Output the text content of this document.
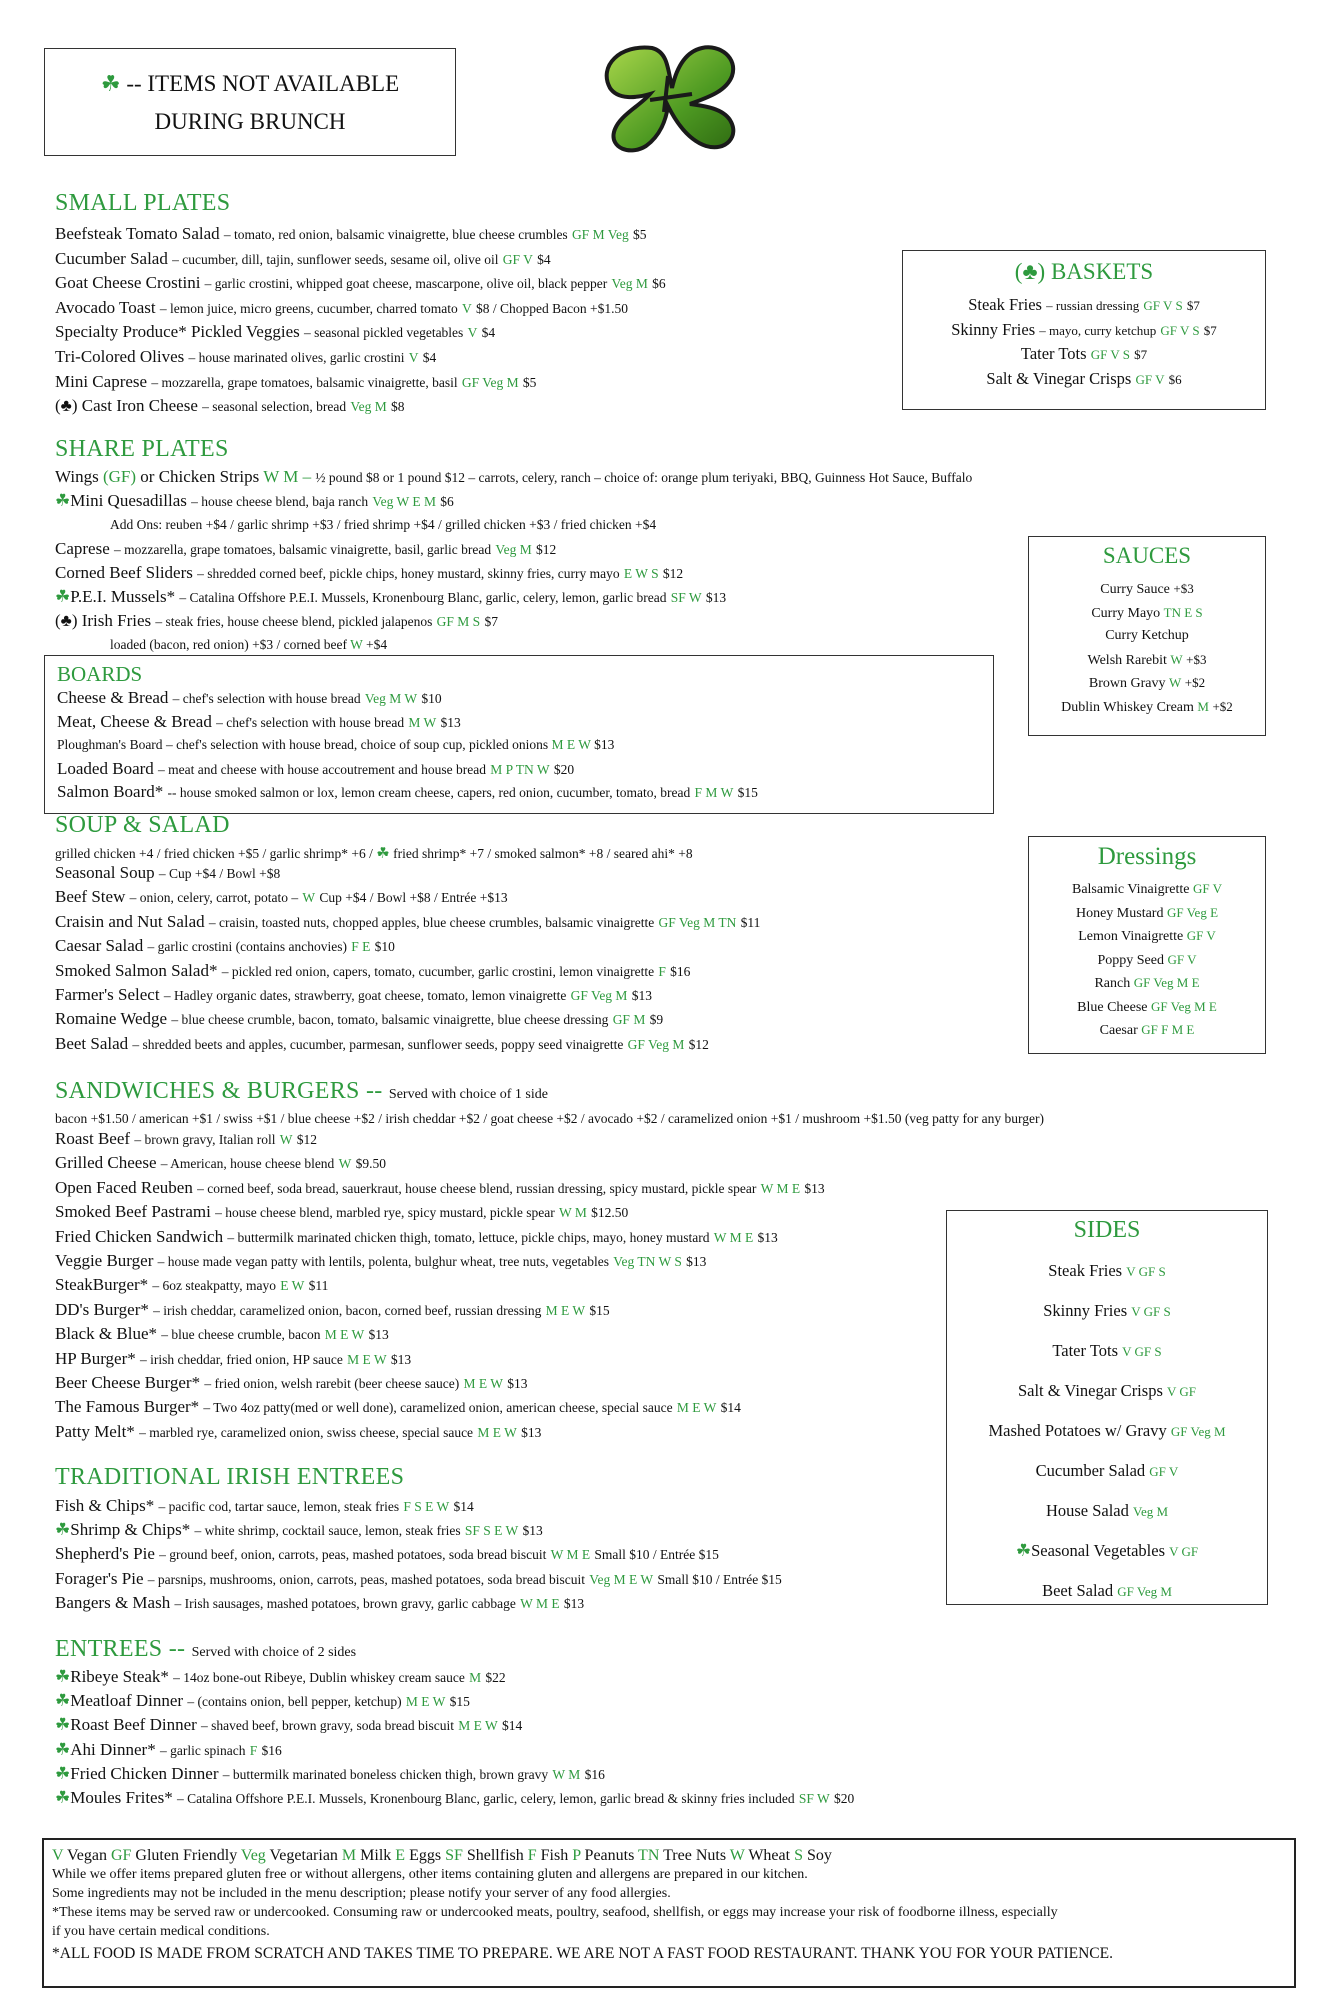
☘ -- ITEMS NOT AVAILABLE
DURING BRUNCH
SMALL PLATES
Beefsteak Tomato Salad – tomato, red onion, balsamic vinaigrette, blue cheese crumbles GF M Veg $5
Cucumber Salad – cucumber, dill, tajin, sunflower seeds, sesame oil, olive oil GF V $4
Goat Cheese Crostini – garlic crostini, whipped goat cheese, mascarpone, olive oil, black pepper Veg M $6
Avocado Toast – lemon juice, micro greens, cucumber, charred tomato V $8 / Chopped Bacon +$1.50
Specialty Produce* Pickled Veggies – seasonal pickled vegetables V $4
Tri-Colored Olives – house marinated olives, garlic crostini V $4
Mini Caprese – mozzarella, grape tomatoes, balsamic vinaigrette, basil GF Veg M $5
(♣) Cast Iron Cheese – seasonal selection, bread Veg M $8
(♣) BASKETS
Steak Fries – russian dressing GF V S $7
Skinny Fries – mayo, curry ketchup GF V S $7
Tater Tots GF V S $7
Salt & Vinegar Crisps GF V $6
SHARE PLATES
Wings (GF) or Chicken Strips W M – ½ pound $8 or 1 pound $12 – carrots, celery, ranch – choice of: orange plum teriyaki, BBQ, Guinness Hot Sauce, Buffalo
☘Mini Quesadillas – house cheese blend, baja ranch Veg W E M $6
Add Ons: reuben +$4 / garlic shrimp +$3 / fried shrimp +$4 / grilled chicken +$3 / fried chicken +$4
Caprese – mozzarella, grape tomatoes, balsamic vinaigrette, basil, garlic bread Veg M $12
Corned Beef Sliders – shredded corned beef, pickle chips, honey mustard, skinny fries, curry mayo E W S $12
☘P.E.I. Mussels* – Catalina Offshore P.E.I. Mussels, Kronenbourg Blanc, garlic, celery, lemon, garlic bread SF W $13
(♣) Irish Fries – steak fries, house cheese blend, pickled jalapenos GF M S $7
loaded (bacon, red onion) +$3 / corned beef W +$4
SAUCES
Curry Sauce +$3
Curry Mayo TN E S
Curry Ketchup
Welsh Rarebit W +$3
Brown Gravy W +$2
Dublin Whiskey Cream M +$2
BOARDS
Cheese & Bread – chef's selection with house bread Veg M W $10
Meat, Cheese & Bread – chef's selection with house bread M W $13
Ploughman's Board – chef's selection with house bread, choice of soup cup, pickled onions M E W $13
Loaded Board – meat and cheese with house accoutrement and house bread M P TN W $20
Salmon Board* -- house smoked salmon or lox, lemon cream cheese, capers, red onion, cucumber, tomato, bread F M W $15
SOUP & SALAD
grilled chicken +4 / fried chicken +$5 / garlic shrimp* +6 / ☘ fried shrimp* +7 / smoked salmon* +8 / seared ahi* +8
Seasonal Soup – Cup +$4 / Bowl +$8
Beef Stew – onion, celery, carrot, potato – W Cup +$4 / Bowl +$8 / Entrée +$13
Craisin and Nut Salad – craisin, toasted nuts, chopped apples, blue cheese crumbles, balsamic vinaigrette GF Veg M TN $11
Caesar Salad – garlic crostini (contains anchovies) F E $10
Smoked Salmon Salad* – pickled red onion, capers, tomato, cucumber, garlic crostini, lemon vinaigrette F $16
Farmer's Select – Hadley organic dates, strawberry, goat cheese, tomato, lemon vinaigrette GF Veg M $13
Romaine Wedge – blue cheese crumble, bacon, tomato, balsamic vinaigrette, blue cheese dressing GF M $9
Beet Salad – shredded beets and apples, cucumber, parmesan, sunflower seeds, poppy seed vinaigrette GF Veg M $12
Dressings
Balsamic Vinaigrette GF V
Honey Mustard GF Veg E
Lemon Vinaigrette GF V
Poppy Seed GF V
Ranch GF Veg M E
Blue Cheese GF Veg M E
Caesar GF F M E
SANDWICHES & BURGERS -- Served with choice of 1 side
bacon +$1.50 / american +$1 / swiss +$1 / blue cheese +$2 / irish cheddar +$2 / goat cheese +$2 / avocado +$2 / caramelized onion +$1 / mushroom +$1.50 (veg patty for any burger)
Roast Beef – brown gravy, Italian roll W $12
Grilled Cheese – American, house cheese blend W $9.50
Open Faced Reuben – corned beef, soda bread, sauerkraut, house cheese blend, russian dressing, spicy mustard, pickle spear W M E $13
Smoked Beef Pastrami – house cheese blend, marbled rye, spicy mustard, pickle spear W M $12.50
Fried Chicken Sandwich – buttermilk marinated chicken thigh, tomato, lettuce, pickle chips, mayo, honey mustard W M E $13
Veggie Burger – house made vegan patty with lentils, polenta, bulghur wheat, tree nuts, vegetables Veg TN W S $13
SteakBurger* – 6oz steakpatty, mayo E W $11
DD's Burger* – irish cheddar, caramelized onion, bacon, corned beef, russian dressing M E W $15
Black & Blue* – blue cheese crumble, bacon M E W $13
HP Burger* – irish cheddar, fried onion, HP sauce M E W $13
Beer Cheese Burger* – fried onion, welsh rarebit (beer cheese sauce) M E W $13
The Famous Burger* – Two 4oz patty(med or well done), caramelized onion, american cheese, special sauce M E W $14
Patty Melt* – marbled rye, caramelized onion, swiss cheese, special sauce M E W $13
SIDES
Steak Fries V GF S
Skinny Fries V GF S
Tater Tots V GF S
Salt & Vinegar Crisps V GF
Mashed Potatoes w/ Gravy GF Veg M
Cucumber Salad GF V
House Salad Veg M
☘Seasonal Vegetables V GF
Beet Salad GF Veg M
TRADITIONAL IRISH ENTREES
Fish & Chips* – pacific cod, tartar sauce, lemon, steak fries F S E W $14
☘Shrimp & Chips* – white shrimp, cocktail sauce, lemon, steak fries SF S E W $13
Shepherd's Pie – ground beef, onion, carrots, peas, mashed potatoes, soda bread biscuit W M E Small $10 / Entrée $15
Forager's Pie – parsnips, mushrooms, onion, carrots, peas, mashed potatoes, soda bread biscuit Veg M E W Small $10 / Entrée $15
Bangers & Mash – Irish sausages, mashed potatoes, brown gravy, garlic cabbage W M E $13
ENTREES -- Served with choice of 2 sides
☘Ribeye Steak* – 14oz bone-out Ribeye, Dublin whiskey cream sauce M $22
☘Meatloaf Dinner – (contains onion, bell pepper, ketchup) M E W $15
☘Roast Beef Dinner – shaved beef, brown gravy, soda bread biscuit M E W $14
☘Ahi Dinner* – garlic spinach F $16
☘Fried Chicken Dinner – buttermilk marinated boneless chicken thigh, brown gravy W M $16
☘Moules Frites* – Catalina Offshore P.E.I. Mussels, Kronenbourg Blanc, garlic, celery, lemon, garlic bread & skinny fries included SF W $20
V Vegan GF Gluten Friendly Veg Vegetarian M Milk E Eggs SF Shellfish F Fish P Peanuts TN Tree Nuts W Wheat S Soy
While we offer items prepared gluten free or without allergens, other items containing gluten and allergens are prepared in our kitchen.
Some ingredients may not be included in the menu description; please notify your server of any food allergies.
*These items may be served raw or undercooked. Consuming raw or undercooked meats, poultry, seafood, shellfish, or eggs may increase your risk of foodborne illness, especially
if you have certain medical conditions.
*ALL FOOD IS MADE FROM SCRATCH AND TAKES TIME TO PREPARE. WE ARE NOT A FAST FOOD RESTAURANT. THANK YOU FOR YOUR PATIENCE.
